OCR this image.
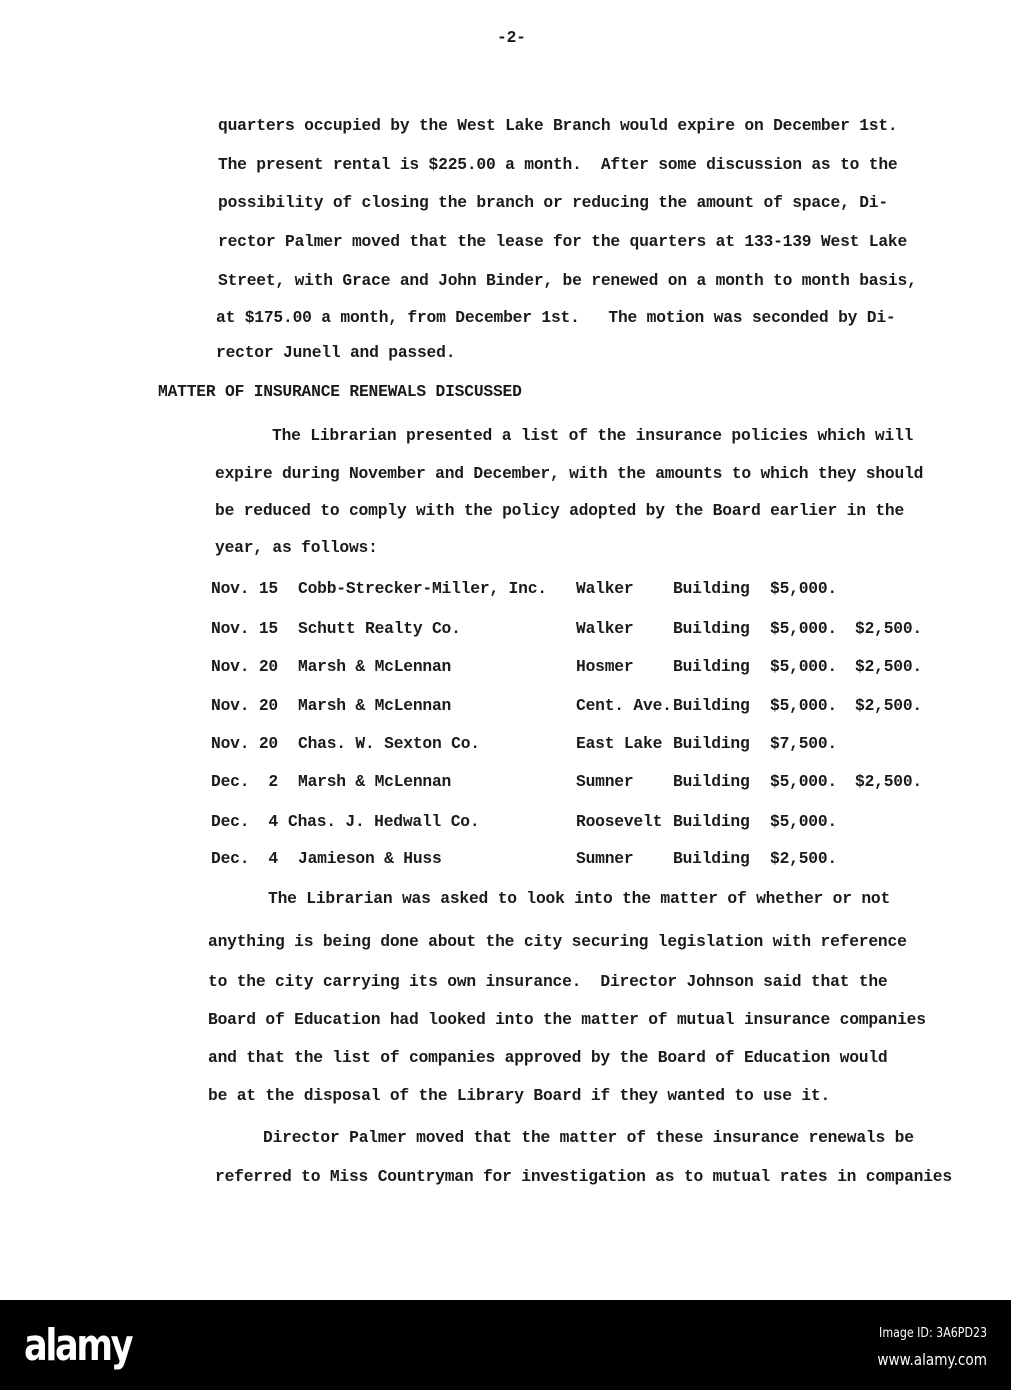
-2-
quarters occupied by the West Lake Branch would expire on December 1st.
The present rental is $225.00 a month.  After some discussion as to the
possibility of closing the branch or reducing the amount of space, Di-
rector Palmer moved that the lease for the quarters at 133-139 West Lake
Street, with Grace and John Binder, be renewed on a month to month basis,
at $175.00 a month, from December 1st.   The motion was seconded by Di-
rector Junell and passed.
MATTER OF INSURANCE RENEWALS DISCUSSED
The Librarian presented a list of the insurance policies which will
expire during November and December, with the amounts to which they should
be reduced to comply with the policy adopted by the Board earlier in the
year, as follows:
Nov. 15 Cobb-Strecker-Miller, Inc. Walker Building $5,000.
Nov. 15 Schutt Realty Co.	Walker Building $5,000. $2,500.
Nov. 20 Marsh & McLennan	Hosmer Building $5,000. $2,500.
Nov. 20 Marsh & McLennan	Cent. Ave. Building $5,000. $2,500.
Nov. 20 Chas. W. Sexton Co.	East Lake Building $7,500.
Dec.  2 Marsh & McLennan	Sumner Building $5,000. $2,500.
Dec.  4 Chas. J. Hedwall Co.	Roosevelt Building $5,000.
Dec.  4 Jamieson & Huss	Sumner Building $2,500.
The Librarian was asked to look into the matter of whether or not
anything is being done about the city securing legislation with reference
to the city carrying its own insurance.  Director Johnson said that the
Board of Education had looked into the matter of mutual insurance companies
and that the list of companies approved by the Board of Education would
be at the disposal of the Library Board if they wanted to use it.
Director Palmer moved that the matter of these insurance renewals be
referred to Miss Countryman for investigation as to mutual rates in companies
alamy	Image ID: 3A6PD23
www.alamy.com
